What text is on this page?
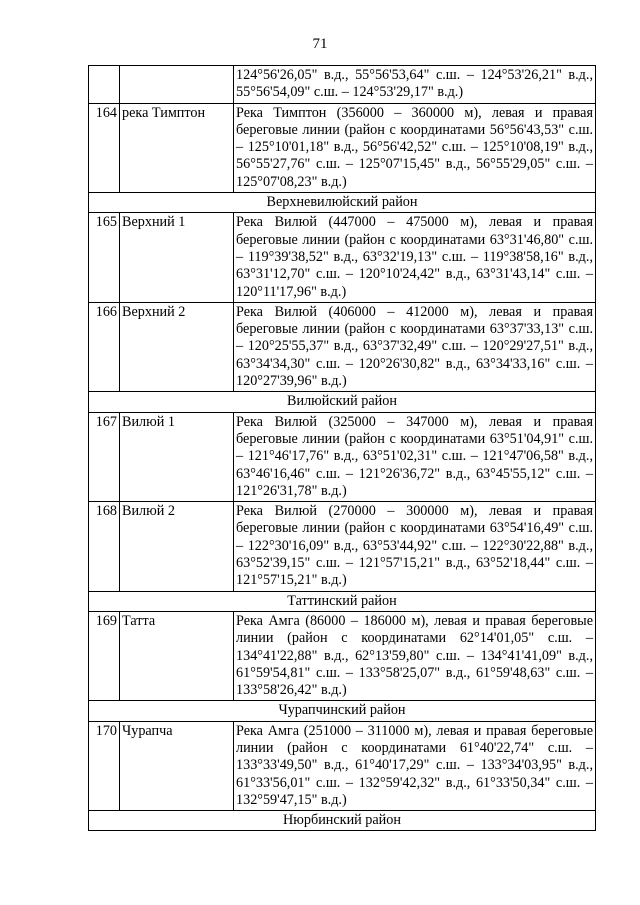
71

		124°56'26,05" в.д., 55°56'53,64" с.ш. – 124°53'26,21" в.д., 55°56'54,09" с.ш. – 124°53'29,17" в.д.)

164	река Тимптон	Река Тимптон (356000 – 360000 м), левая и правая береговые линии (район с координатами 56°56'43,53" с.ш. – 125°10'01,18" в.д., 56°56'42,52" с.ш. – 125°10'08,19" в.д., 56°55'27,76" с.ш. – 125°07'15,45" в.д., 56°55'29,05" с.ш. – 125°07'08,23" в.д.)

Верхневилюйский район		
165	Верхний 1	Река Вилюй (447000 – 475000 м), левая и правая береговые линии (район с координатами 63°31'46,80" с.ш. – 119°39'38,52" в.д., 63°32'19,13" с.ш. – 119°38'58,16" в.д., 63°31'12,70" с.ш. – 120°10'24,42" в.д., 63°31'43,14" с.ш. – 120°11'17,96" в.д.)

166	Верхний 2	Река Вилюй (406000 – 412000 м), левая и правая береговые линии (район с координатами 63°37'33,13" с.ш. – 120°25'55,37" в.д., 63°37'32,49" с.ш. – 120°29'27,51" в.д., 63°34'34,30" с.ш. – 120°26'30,82" в.д., 63°34'33,16" с.ш. – 120°27'39,96" в.д.)

Вилюйский район		
167	Вилюй 1	Река Вилюй (325000 – 347000 м), левая и правая береговые линии (район с координатами 63°51'04,91" с.ш. – 121°46'17,76" в.д., 63°51'02,31" с.ш. – 121°47'06,58" в.д., 63°46'16,46" с.ш. – 121°26'36,72" в.д., 63°45'55,12" с.ш. – 121°26'31,78" в.д.)

168	Вилюй 2	Река Вилюй (270000 – 300000 м), левая и правая береговые линии (район с координатами 63°54'16,49" с.ш. – 122°30'16,09" в.д., 63°53'44,92" с.ш. – 122°30'22,88" в.д., 63°52'39,15" с.ш. – 121°57'15,21" в.д., 63°52'18,44" с.ш. – 121°57'15,21" в.д.)

Таттинский район		
169	Татта	Река Амга (86000 – 186000 м), левая и правая береговые линии (район с координатами 62°14'01,05" с.ш. – 134°41'22,88" в.д., 62°13'59,80" с.ш. – 134°41'41,09" в.д., 61°59'54,81" с.ш. – 133°58'25,07" в.д., 61°59'48,63" с.ш. – 133°58'26,42" в.д.)

Чурапчинский район		
170	Чурапча	Река Амга (251000 – 311000 м), левая и правая береговые линии (район с координатами 61°40'22,74" с.ш. – 133°33'49,50" в.д., 61°40'17,29" с.ш. – 133°34'03,95" в.д., 61°33'56,01" с.ш. – 132°59'42,32" в.д., 61°33'50,34" с.ш. – 132°59'47,15" в.д.)

Нюрбинский район		
